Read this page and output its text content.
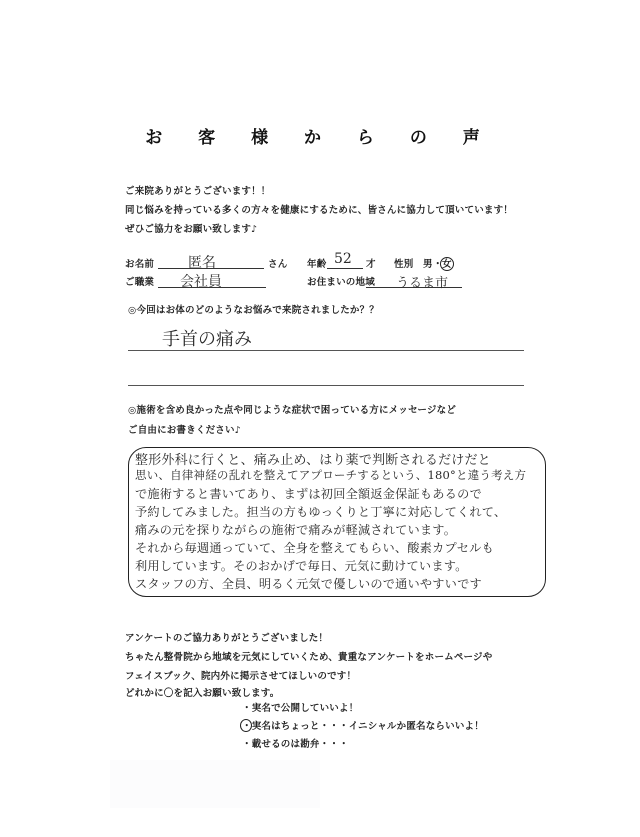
お 客 様 か ら の 声
ご来院ありがとうございます！！
同じ悩みを持っている多くの方々を健康にするために、皆さんに協力して頂いています！
ぜひご協力をお願い致します♪
お名前 匿名	さん 年齢 52 才 性別 男 ・ 女
ご職業 会社員	お住まいの地域 うるま市
◎今回はお体のどのようなお悩みで来院されましたか？？
手首の痛み
◎施術を含め良かった点や同じような症状で困っている方にメッセージなど
ご自由にお書きください♪
整形外科に行くと、痛み止め、はり薬で判断されるだけだと
思い、自律神経の乱れを整えてアプローチするという、180°と違う考え方
で施術すると書いてあり、まずは初回全額返金保証もあるので
予約してみました。担当の方もゆっくりと丁寧に対応してくれて、
痛みの元を探りながらの施術で痛みが軽減されています。
それから毎週通っていて、全身を整えてもらい、酸素カプセルも
利用しています。そのおかげで毎日、元気に動けています。
スタッフの方、全員、明るく元気で優しいので通いやすいです
アンケートのご協力ありがとうございました！
ちゃたん整骨院から地域を元気にしていくため、貴重なアンケートをホームページや
フェイスブック、院内外に掲示させてほしいのです！
どれかに〇を記入お願い致します。
・実名で公開していいよ！
・実名はちょっと・・・イニシャルか匿名ならいいよ！
・載せるのは勘弁・・・
